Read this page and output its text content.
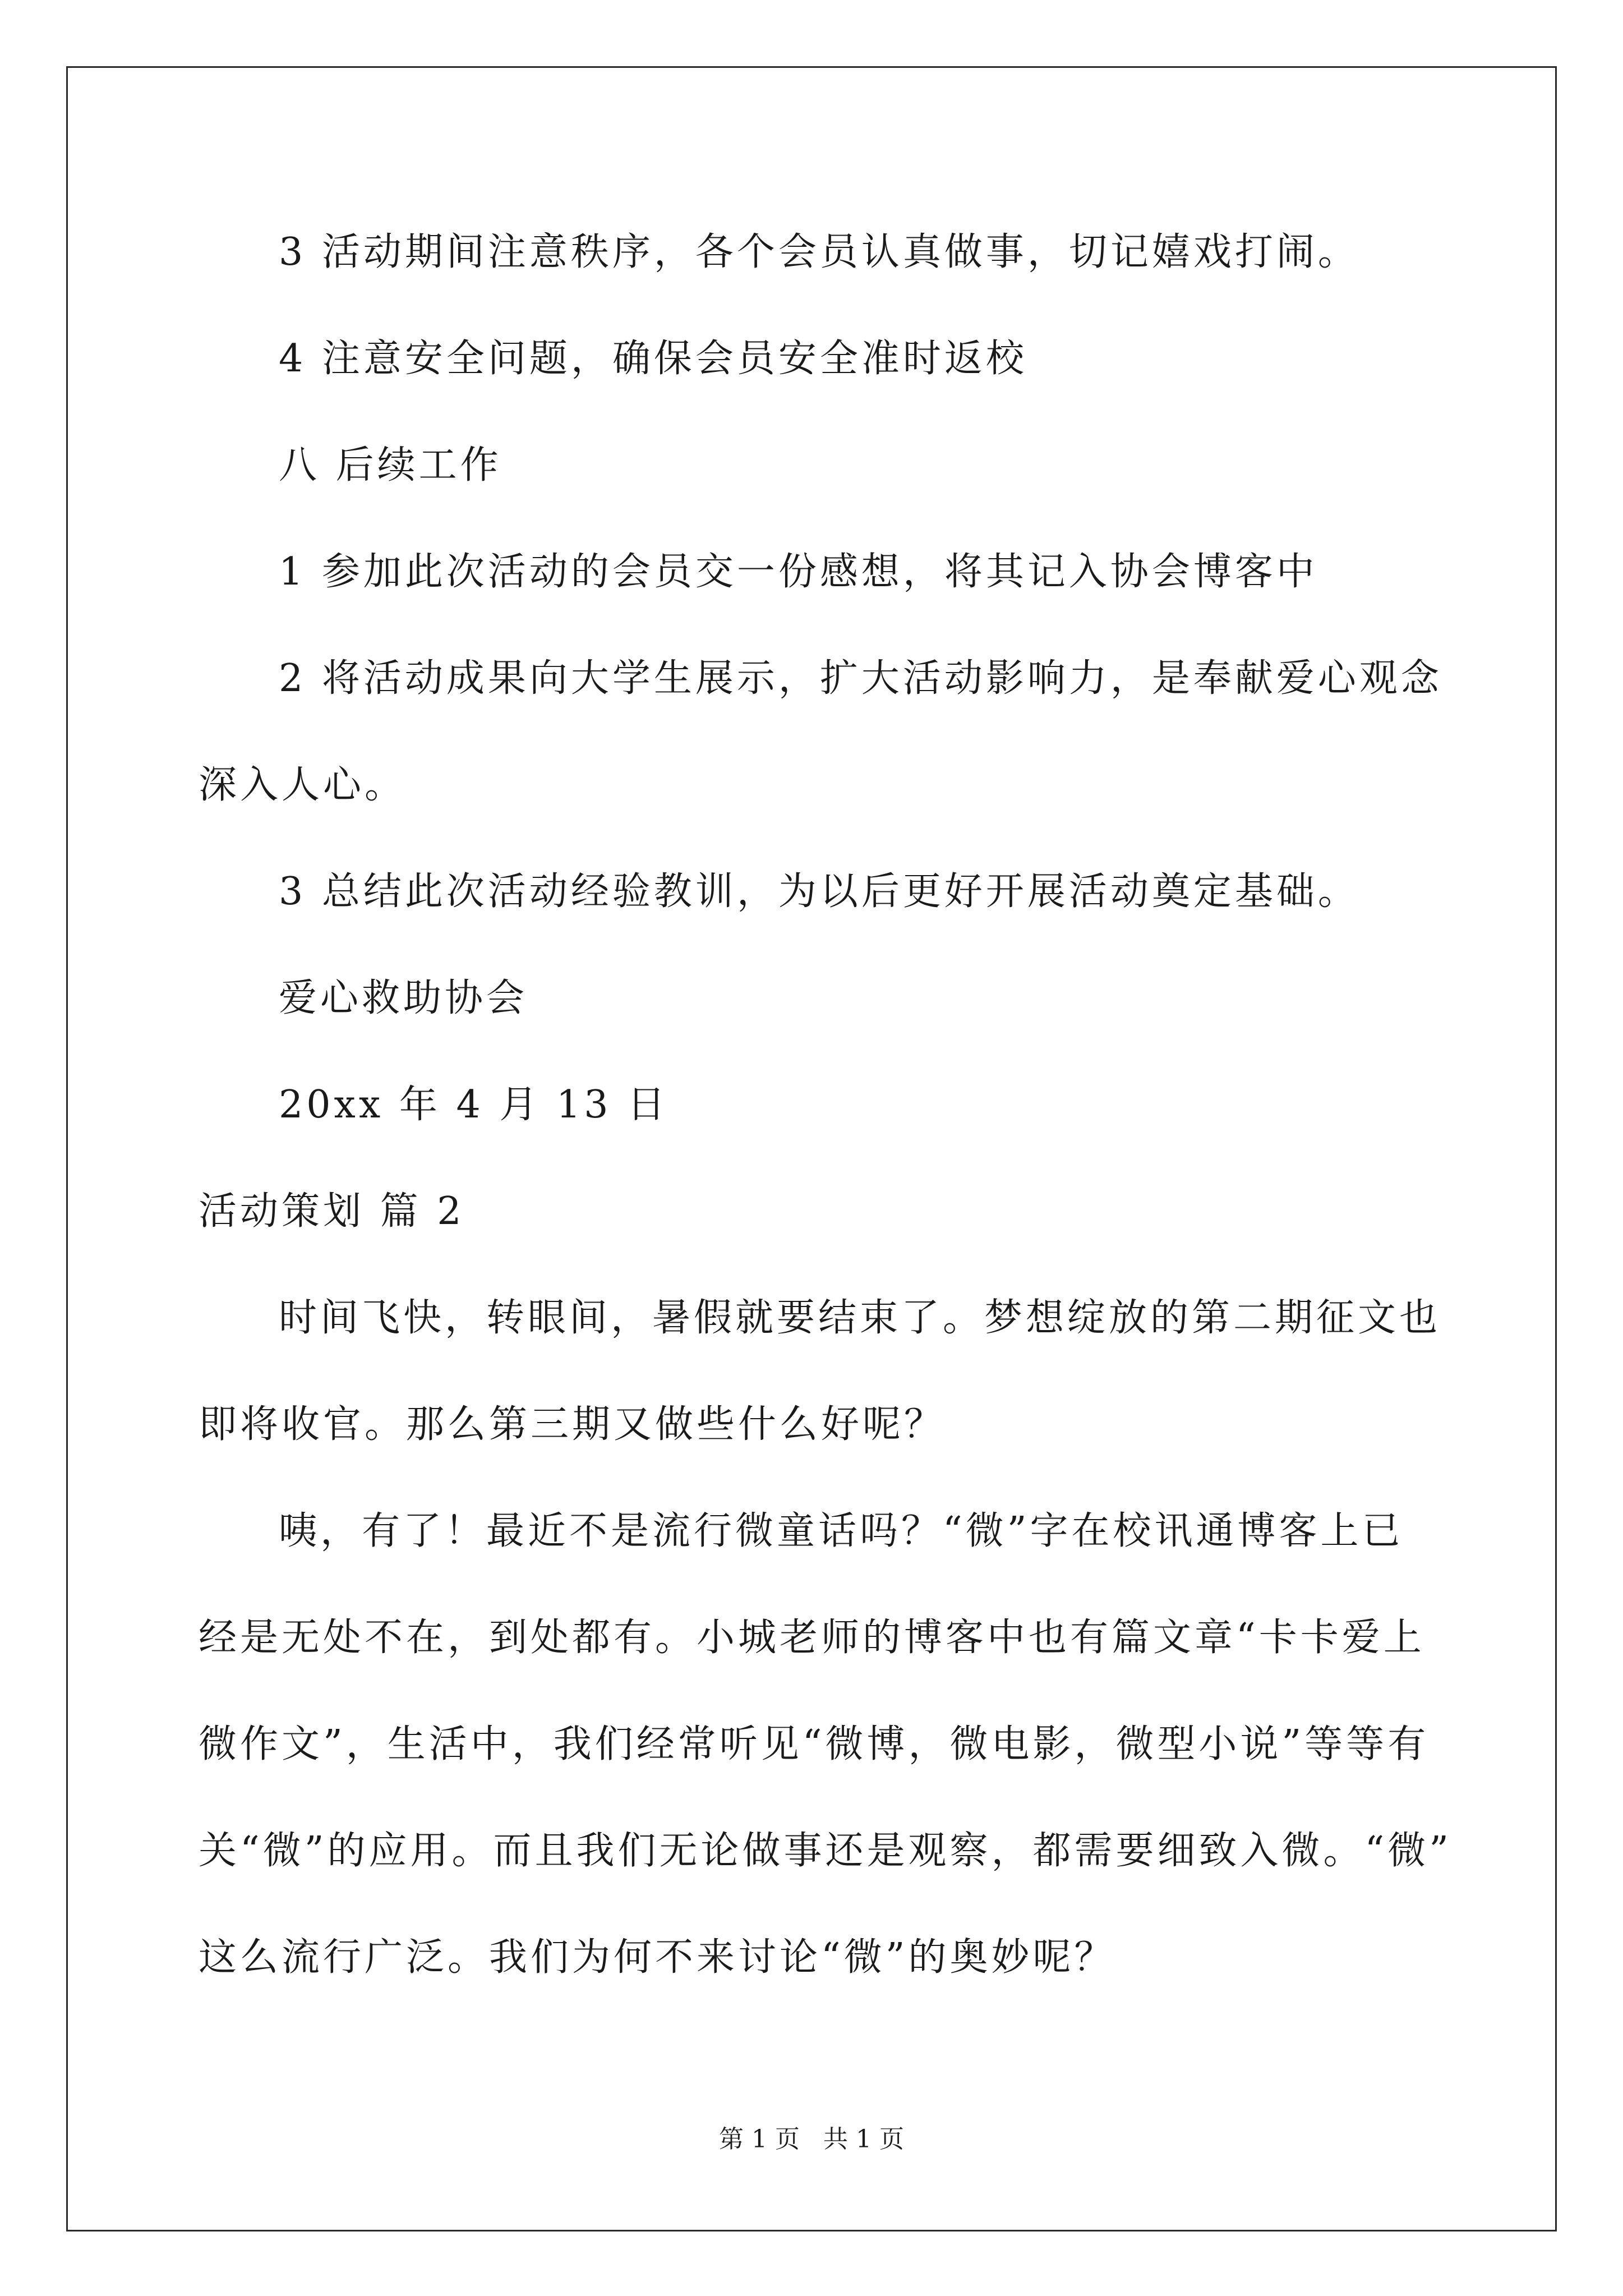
3 活动期间注意秩序，各个会员认真做事，切记嬉戏打闹。
4 注意安全问题，确保会员安全准时返校
八 后续工作
1 参加此次活动的会员交一份感想，将其记入协会博客中
2 将活动成果向大学生展示，扩大活动影响力，是奉献爱心观念
深入人心。
3 总结此次活动经验教训，为以后更好开展活动奠定基础。
爱心救助协会
20xx 年 4 月 13 日
活动策划 篇 2
时间飞快，转眼间，暑假就要结束了。梦想绽放的第二期征文也
即将收官。那么第三期又做些什么好呢？
咦，有了！最近不是流行微童话吗？“微”字在校讯通博客上已
经是无处不在，到处都有。小城老师的博客中也有篇文章“卡卡爱上
微作文”，生活中，我们经常听见“微博，微电影，微型小说”等等有
关“微”的应用。而且我们无论做事还是观察，都需要细致入微。“微”
这么流行广泛。我们为何不来讨论“微”的奥妙呢？
第 1 页 共 1 页
